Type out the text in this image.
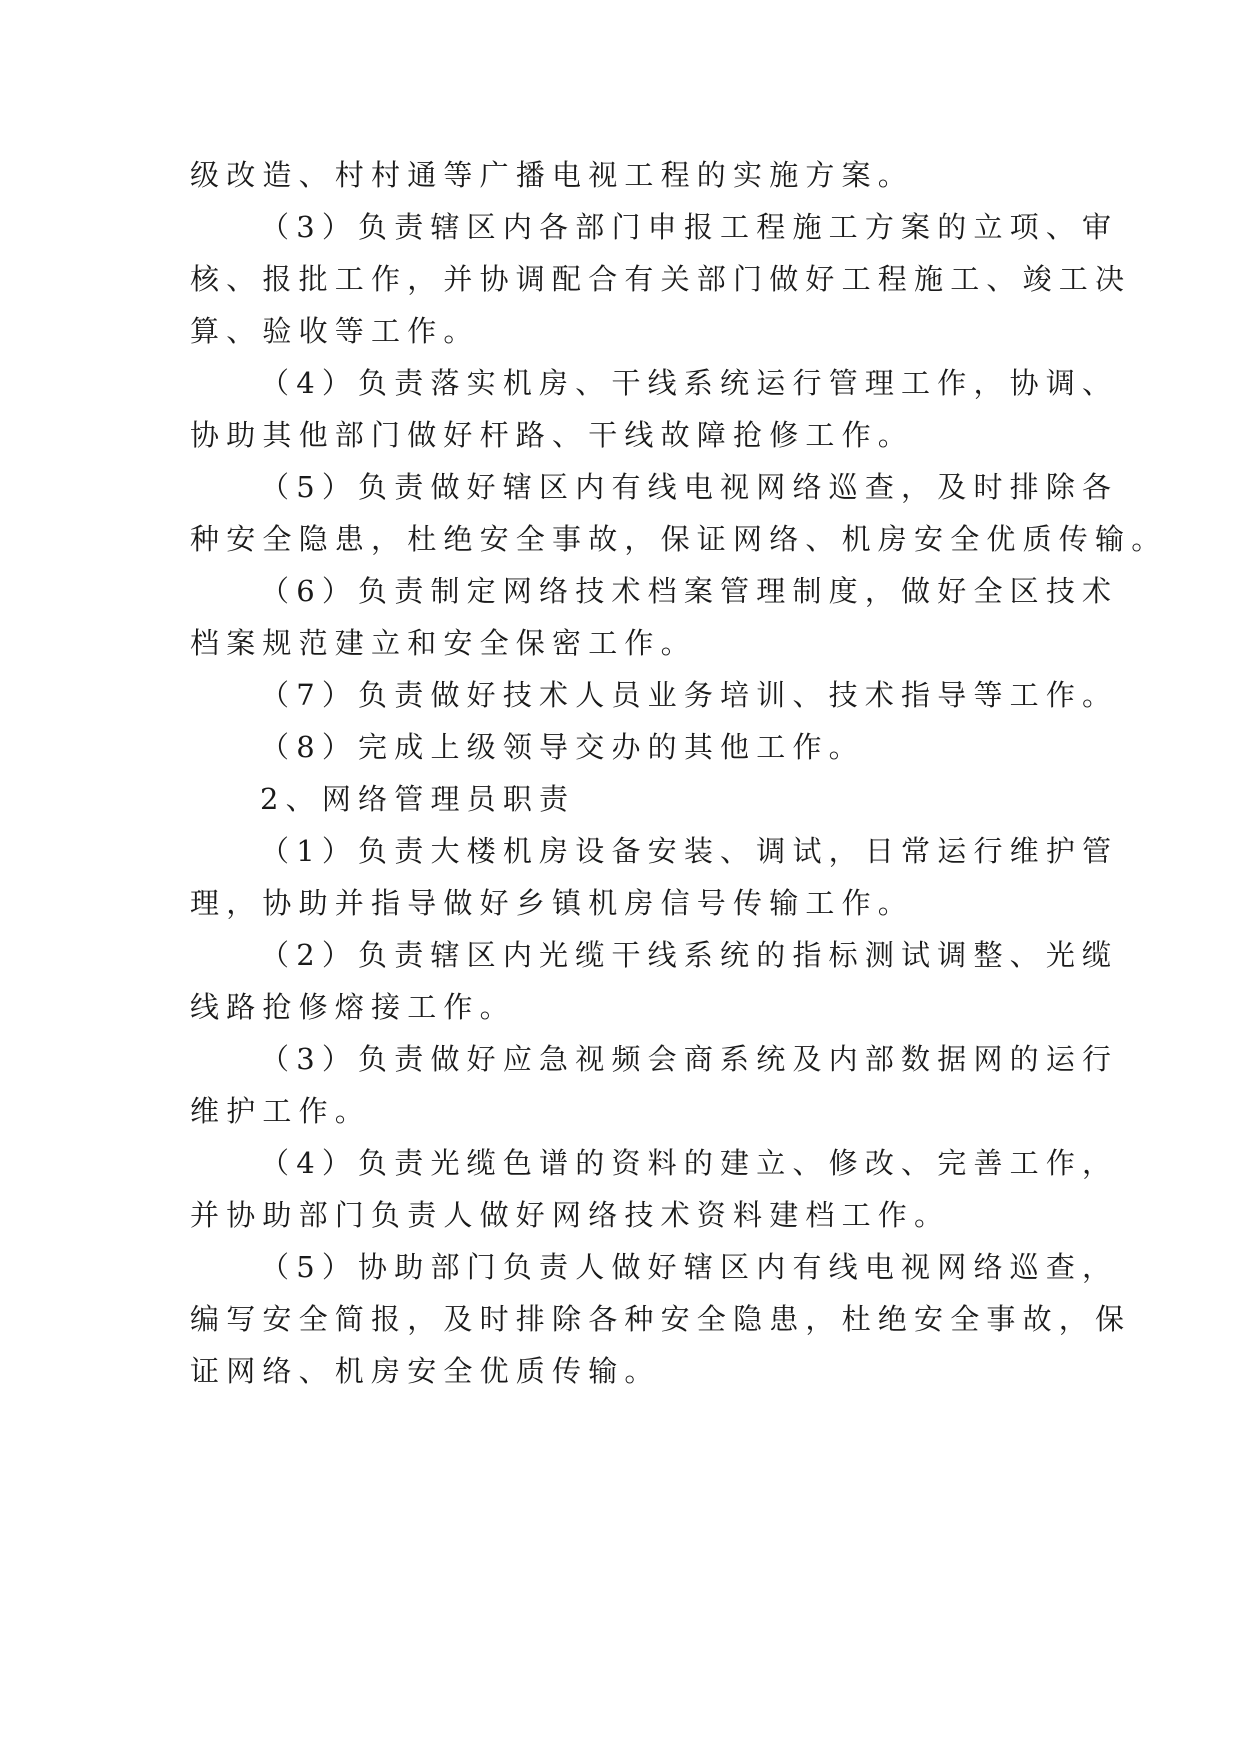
级改造、村村通等广播电视工程的实施方案。
（3）负责辖区内各部门申报工程施工方案的立项、审
核、报批工作，并协调配合有关部门做好工程施工、竣工决
算、验收等工作。
（4）负责落实机房、干线系统运行管理工作，协调、
协助其他部门做好杆路、干线故障抢修工作。
（5）负责做好辖区内有线电视网络巡查，及时排除各
种安全隐患，杜绝安全事故，保证网络、机房安全优质传输。
（6）负责制定网络技术档案管理制度，做好全区技术
档案规范建立和安全保密工作。
（7）负责做好技术人员业务培训、技术指导等工作。
（8）完成上级领导交办的其他工作。
2、网络管理员职责
（1）负责大楼机房设备安装、调试，日常运行维护管
理，协助并指导做好乡镇机房信号传输工作。
（2）负责辖区内光缆干线系统的指标测试调整、光缆
线路抢修熔接工作。
（3）负责做好应急视频会商系统及内部数据网的运行
维护工作。
（4）负责光缆色谱的资料的建立、修改、完善工作，
并协助部门负责人做好网络技术资料建档工作。
（5）协助部门负责人做好辖区内有线电视网络巡查，
编写安全简报，及时排除各种安全隐患，杜绝安全事故，保
证网络、机房安全优质传输。
